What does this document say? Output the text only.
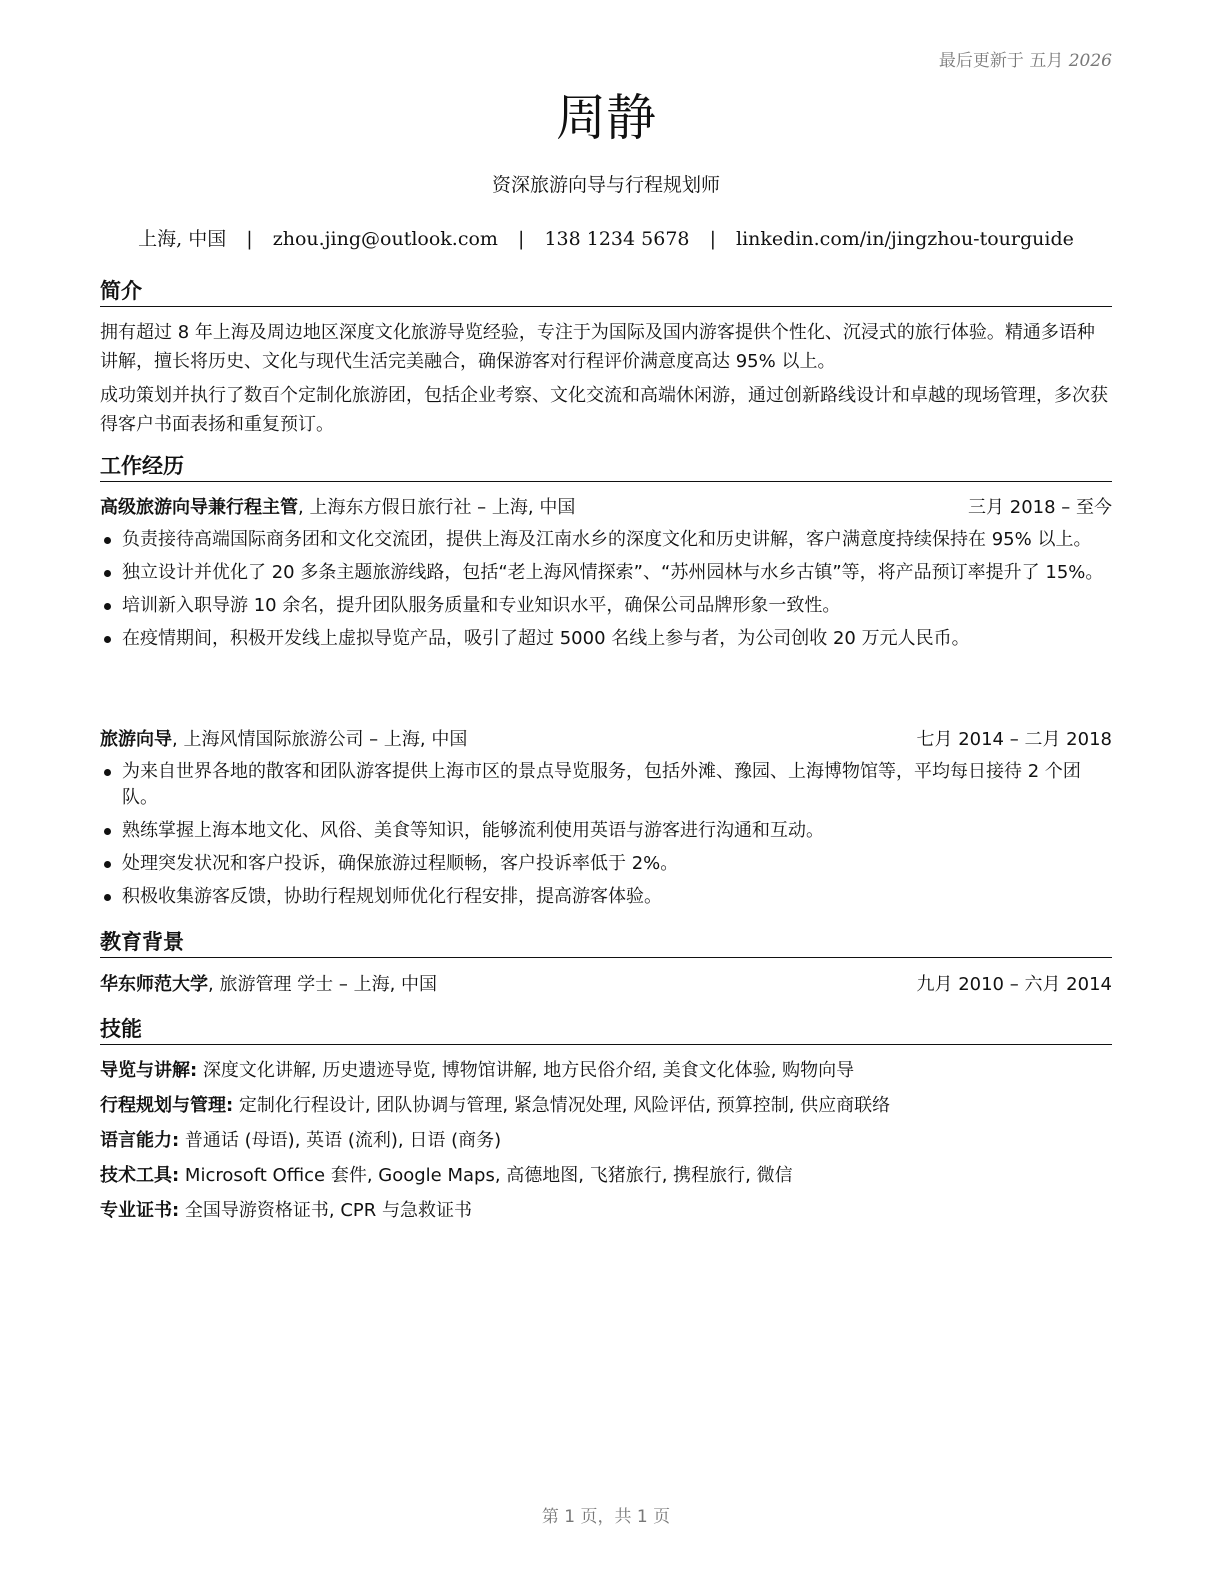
最后更新于 五月 2026
周静
资深旅游向导与行程规划师
上海, 中国 | zhou.jing@outlook.com | 138 1234 5678 | linkedin.com/in/jingzhou-tourguide
简介
拥有超过 8 年上海及周边地区深度文化旅游导览经验，专注于为国际及国内游客提供个性化、沉浸式的旅行体验。精通多语种讲解，擅长将历史、文化与现代生活完美融合，确保游客对行程评价满意度高达 95% 以上。
成功策划并执行了数百个定制化旅游团，包括企业考察、文化交流和高端休闲游，通过创新路线设计和卓越的现场管理，多次获得客户书面表扬和重复预订。
工作经历
高级旅游向导兼行程主管, 上海东方假日旅行社 – 上海, 中国	三月 2018 – 至今
负责接待高端国际商务团和文化交流团，提供上海及江南水乡的深度文化和历史讲解，客户满意度持续保持在 95% 以上。
独立设计并优化了 20 多条主题旅游线路，包括“老上海风情探索”、“苏州园林与水乡古镇”等，将产品预订率提升了 15%。
培训新入职导游 10 余名，提升团队服务质量和专业知识水平，确保公司品牌形象一致性。
在疫情期间，积极开发线上虚拟导览产品，吸引了超过 5000 名线上参与者，为公司创收 20 万元人民币。
旅游向导, 上海风情国际旅游公司 – 上海, 中国	七月 2014 – 二月 2018
为来自世界各地的散客和团队游客提供上海市区的景点导览服务，包括外滩、豫园、上海博物馆等，平均每日接待 2 个团队。
熟练掌握上海本地文化、风俗、美食等知识，能够流利使用英语与游客进行沟通和互动。
处理突发状况和客户投诉，确保旅游过程顺畅，客户投诉率低于 2%。
积极收集游客反馈，协助行程规划师优化行程安排，提高游客体验。
教育背景
华东师范大学, 旅游管理 学士 – 上海, 中国	九月 2010 – 六月 2014
技能
导览与讲解: 深度文化讲解, 历史遗迹导览, 博物馆讲解, 地方民俗介绍, 美食文化体验, 购物向导
行程规划与管理: 定制化行程设计, 团队协调与管理, 紧急情况处理, 风险评估, 预算控制, 供应商联络
语言能力: 普通话 (母语), 英语 (流利), 日语 (商务)
技术工具: Microsoft Office 套件, Google Maps, 高德地图, 飞猪旅行, 携程旅行, 微信
专业证书: 全国导游资格证书, CPR 与急救证书
第 1 页，共 1 页
